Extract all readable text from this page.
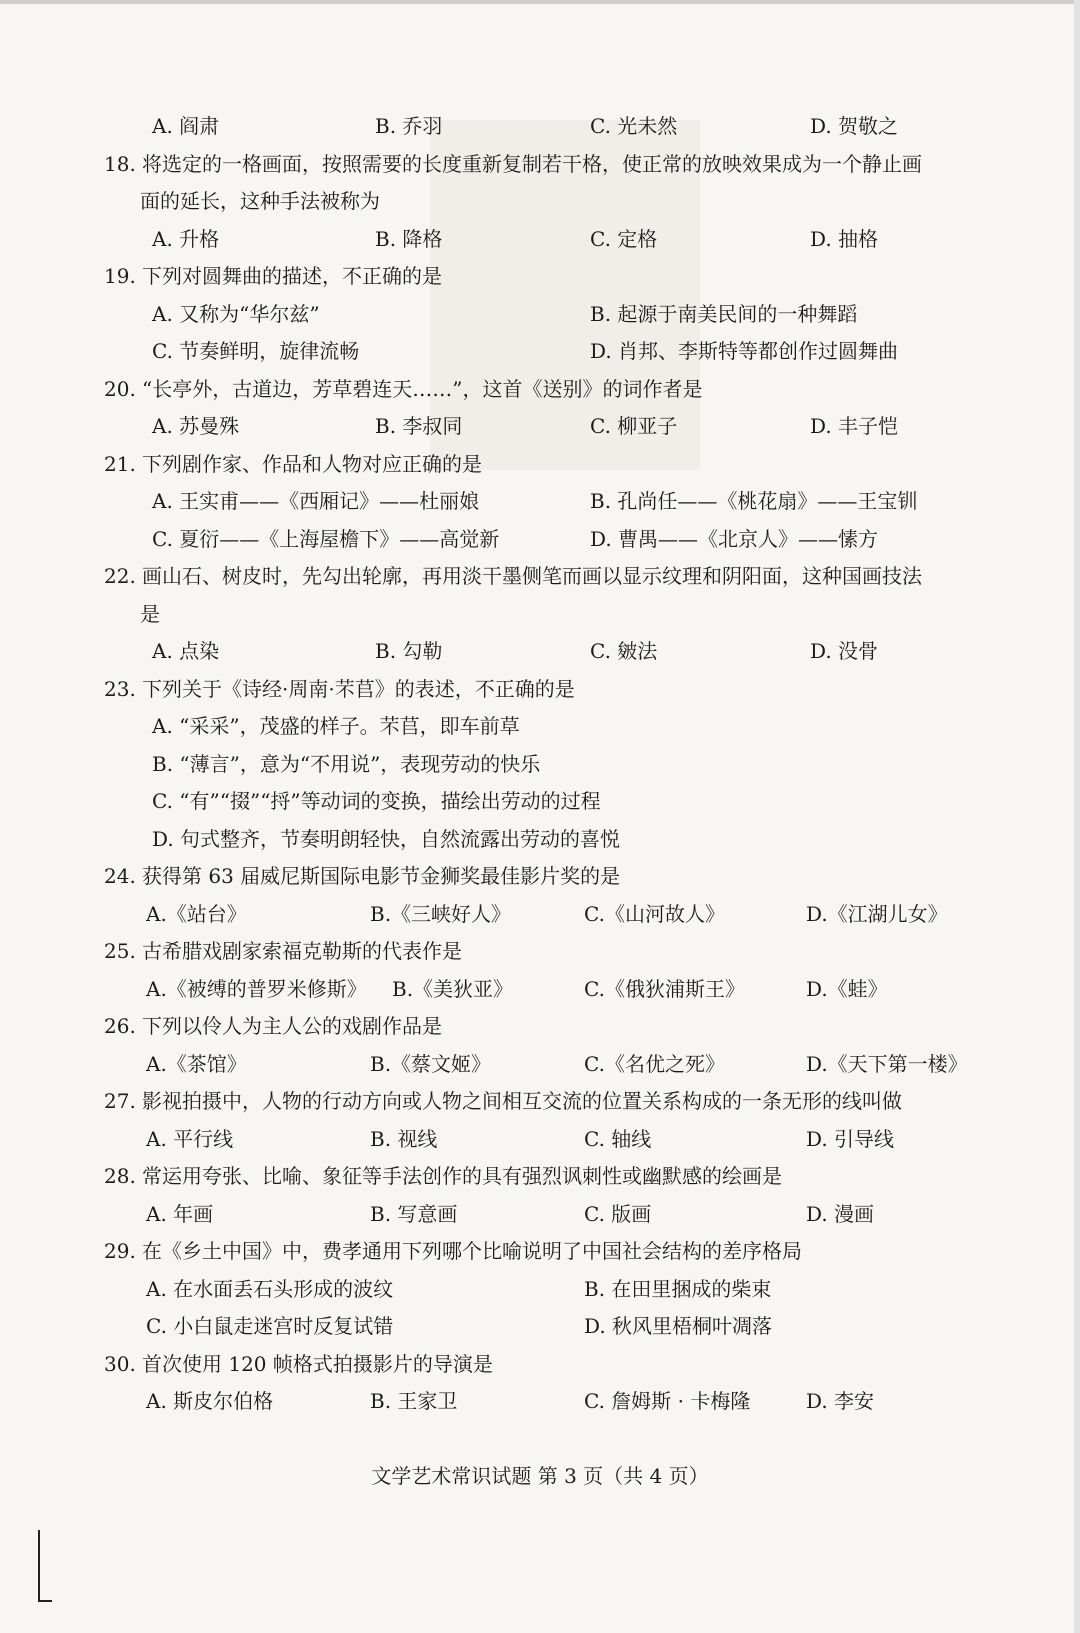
A. 阎肃	B. 乔羽	C. 光未然	D. 贺敬之
18. 将选定的一格画面，按照需要的长度重新复制若干格，使正常的放映效果成为一个静止画
面的延长，这种手法被称为
A. 升格	B. 降格	C. 定格	D. 抽格
19. 下列对圆舞曲的描述，不正确的是
A. 又称为“华尔兹”	B. 起源于南美民间的一种舞蹈
C. 节奏鲜明，旋律流畅	D. 肖邦、李斯特等都创作过圆舞曲
20. “长亭外，古道边，芳草碧连天……”，这首《送别》的词作者是
A. 苏曼殊	B. 李叔同	C. 柳亚子	D. 丰子恺
21. 下列剧作家、作品和人物对应正确的是
A. 王实甫——《西厢记》——杜丽娘	B. 孔尚任——《桃花扇》——王宝钏
C. 夏衍——《上海屋檐下》——高觉新	D. 曹禺——《北京人》——愫方
22. 画山石、树皮时，先勾出轮廓，再用淡干墨侧笔而画以显示纹理和阴阳面，这种国画技法
是
A. 点染	B. 勾勒	C. 皴法	D. 没骨
23. 下列关于《诗经·周南·芣苢》的表述，不正确的是
A. “采采”，茂盛的样子。芣苢，即车前草
B. “薄言”，意为“不用说”，表现劳动的快乐
C. “有”“掇”“捋”等动词的变换，描绘出劳动的过程
D. 句式整齐，节奏明朗轻快，自然流露出劳动的喜悦
24. 获得第 63 届威尼斯国际电影节金狮奖最佳影片奖的是
A.《站台》	B.《三峡好人》	C.《山河故人》	D.《江湖儿女》
25. 古希腊戏剧家索福克勒斯的代表作是
A.《被缚的普罗米修斯》 B.《美狄亚》	C.《俄狄浦斯王》	D.《蛙》
26. 下列以伶人为主人公的戏剧作品是
A.《茶馆》	B.《蔡文姬》	C.《名优之死》	D.《天下第一楼》
27. 影视拍摄中，人物的行动方向或人物之间相互交流的位置关系构成的一条无形的线叫做
A. 平行线	B. 视线	C. 轴线	D. 引导线
28. 常运用夸张、比喻、象征等手法创作的具有强烈讽刺性或幽默感的绘画是
A. 年画	B. 写意画	C. 版画	D. 漫画
29. 在《乡土中国》中，费孝通用下列哪个比喻说明了中国社会结构的差序格局
A. 在水面丢石头形成的波纹	B. 在田里捆成的柴束
C. 小白鼠走迷宫时反复试错	D. 秋风里梧桐叶凋落
30. 首次使用 120 帧格式拍摄影片的导演是
A. 斯皮尔伯格	B. 王家卫	C. 詹姆斯 · 卡梅隆	D. 李安
文学艺术常识试题 第 3 页（共 4 页）
